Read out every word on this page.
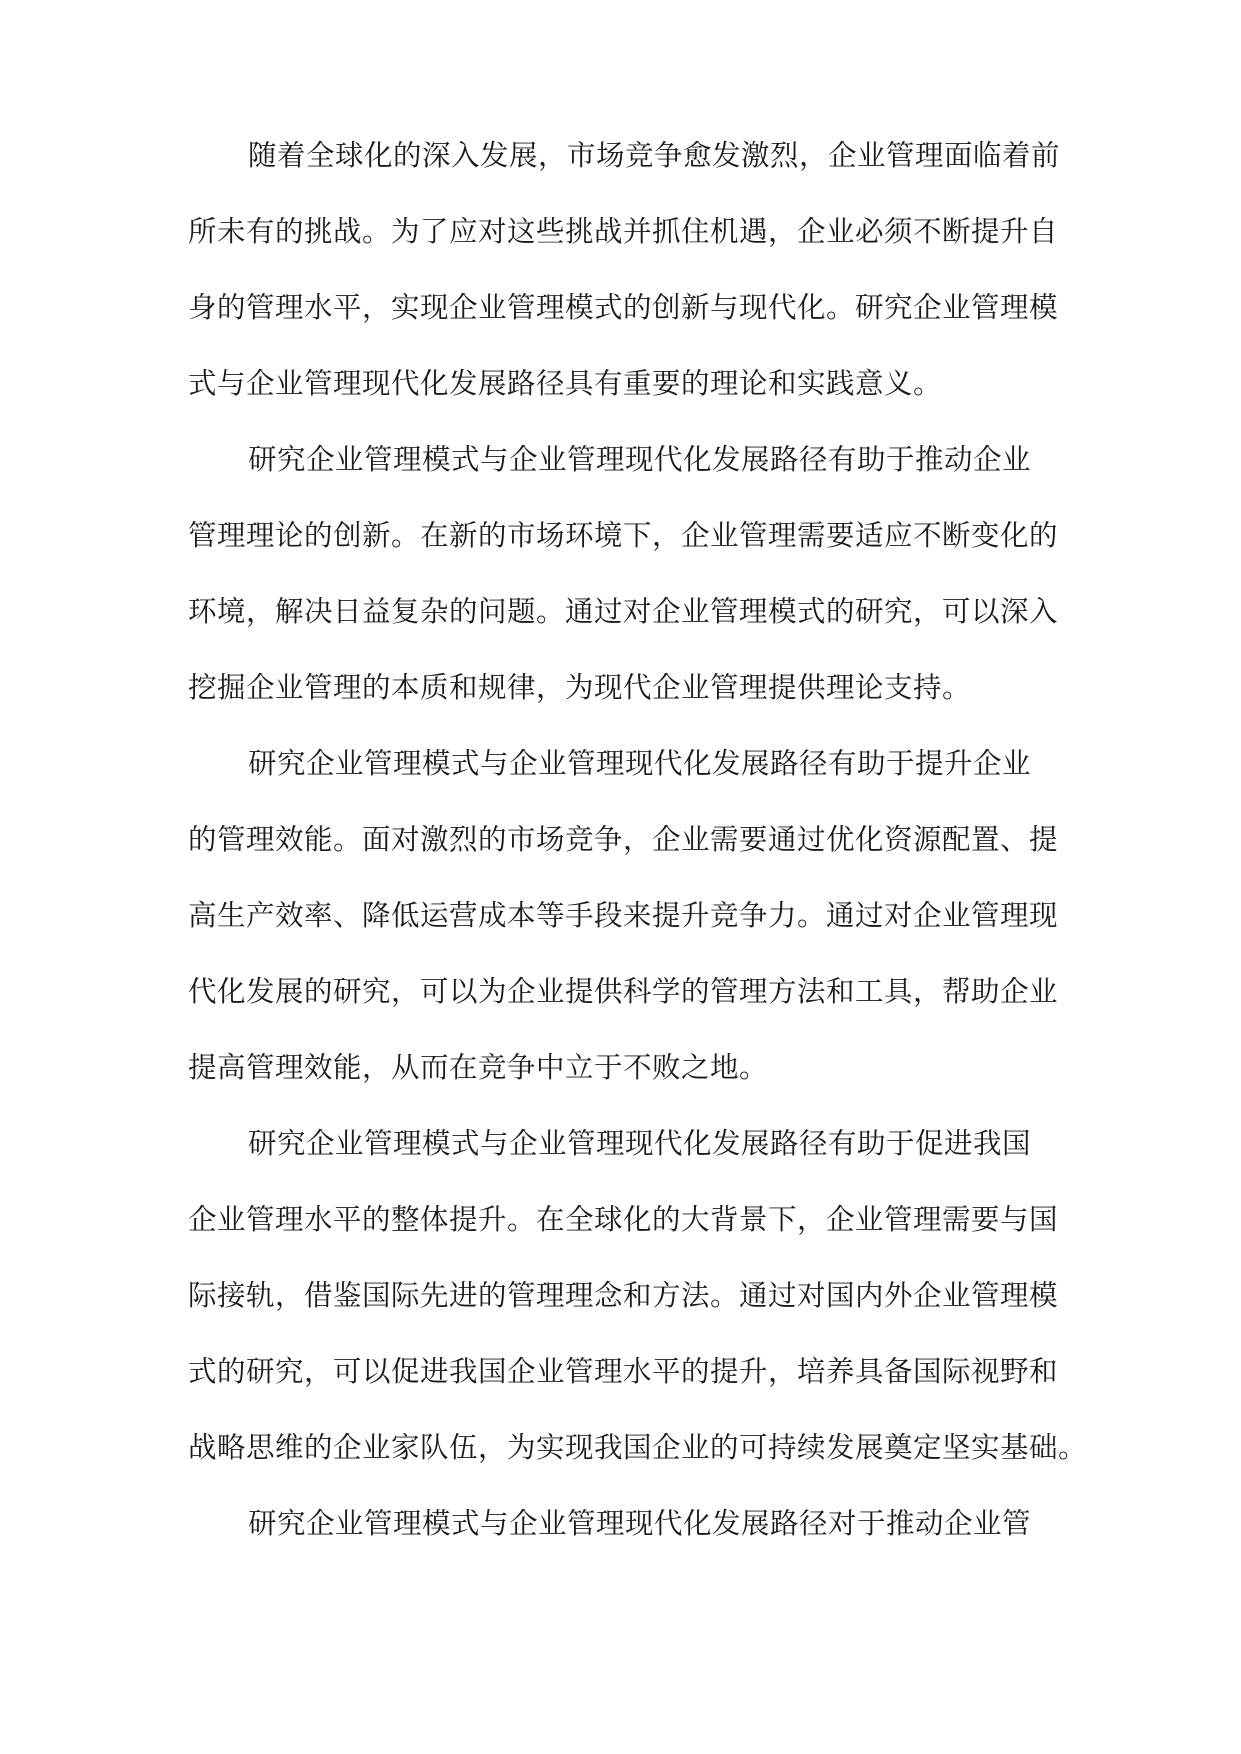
随着全球化的深入发展，市场竞争愈发激烈，企业管理面临着前
所未有的挑战。为了应对这些挑战并抓住机遇，企业必须不断提升自
身的管理水平，实现企业管理模式的创新与现代化。研究企业管理模
式与企业管理现代化发展路径具有重要的理论和实践意义。
研究企业管理模式与企业管理现代化发展路径有助于推动企业
管理理论的创新。在新的市场环境下，企业管理需要适应不断变化的
环境，解决日益复杂的问题。通过对企业管理模式的研究，可以深入
挖掘企业管理的本质和规律，为现代企业管理提供理论支持。
研究企业管理模式与企业管理现代化发展路径有助于提升企业
的管理效能。面对激烈的市场竞争，企业需要通过优化资源配置、提
高生产效率、降低运营成本等手段来提升竞争力。通过对企业管理现
代化发展的研究，可以为企业提供科学的管理方法和工具，帮助企业
提高管理效能，从而在竞争中立于不败之地。
研究企业管理模式与企业管理现代化发展路径有助于促进我国
企业管理水平的整体提升。在全球化的大背景下，企业管理需要与国
际接轨，借鉴国际先进的管理理念和方法。通过对国内外企业管理模
式的研究，可以促进我国企业管理水平的提升，培养具备国际视野和
战略思维的企业家队伍，为实现我国企业的可持续发展奠定坚实基础。
研究企业管理模式与企业管理现代化发展路径对于推动企业管
